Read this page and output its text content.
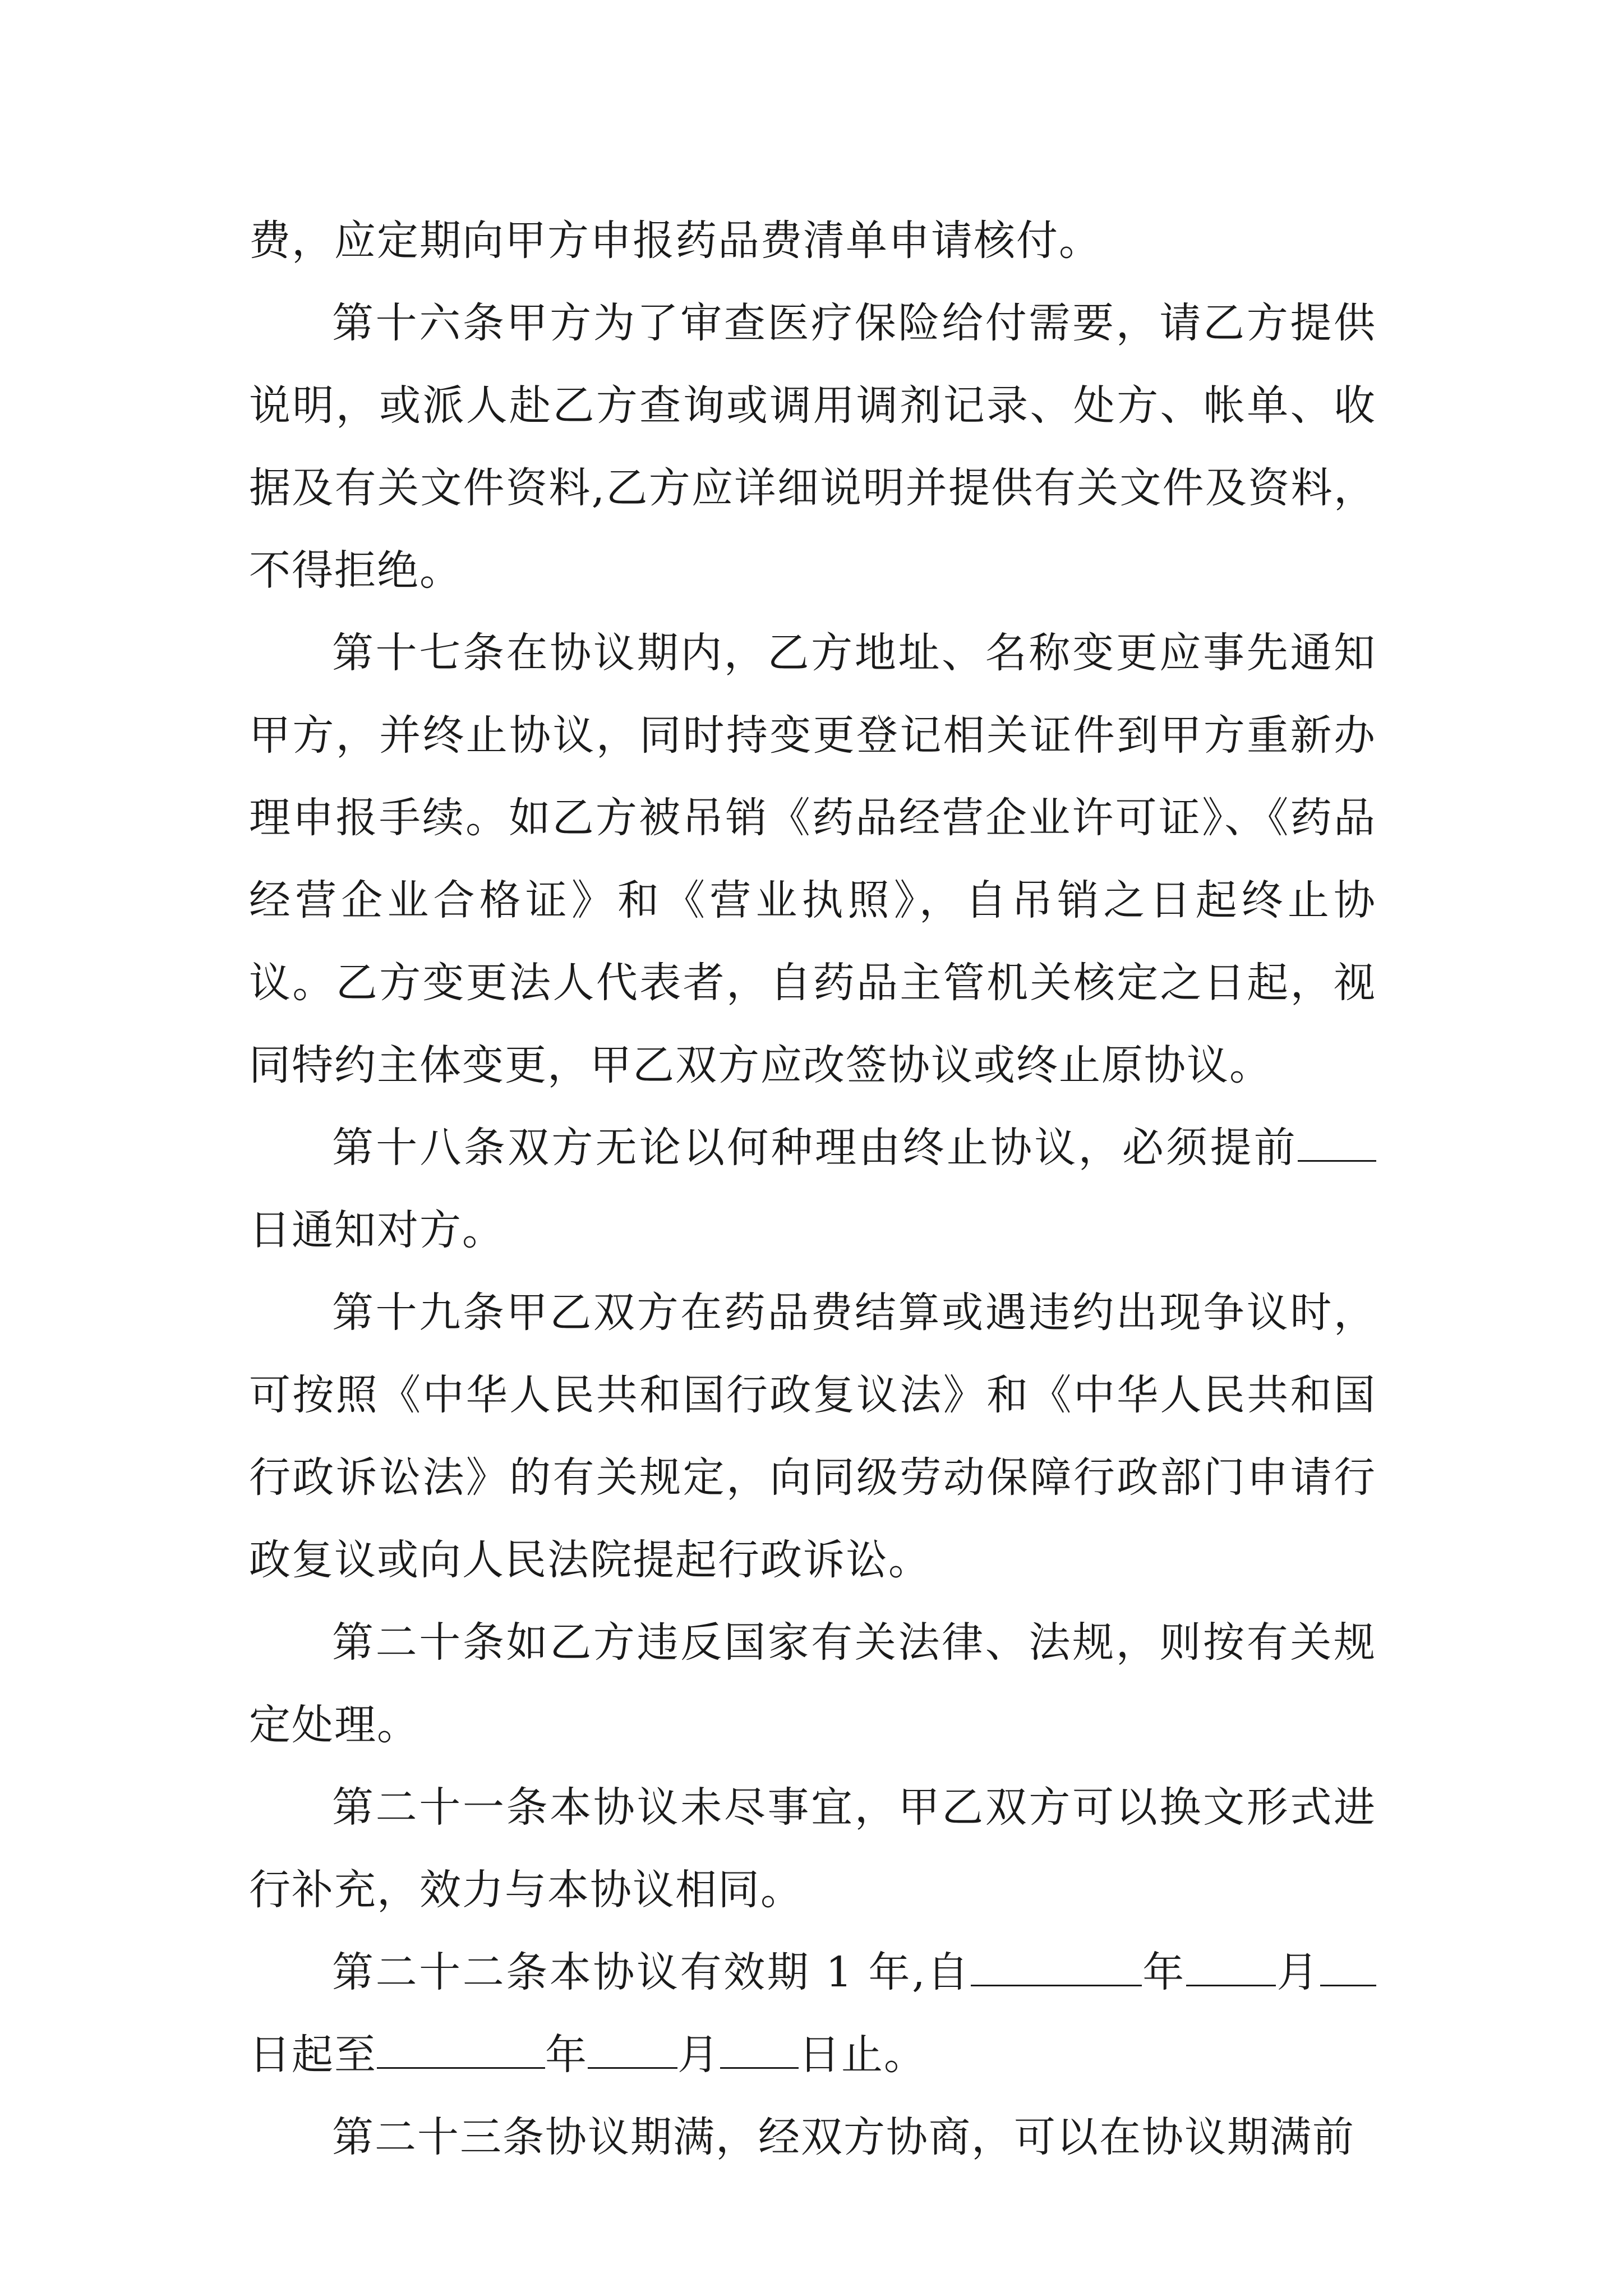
费，应定期向甲方申报药品费清单申请核付。

第十六条甲方为了审查医疗保险给付需要，请乙方提供说明，或派人赴乙方查询或调用调剂记录、处方、帐单、收据及有关文件资料,乙方应详细说明并提供有关文件及资料，不得拒绝。

第十七条在协议期内，乙方地址、名称变更应事先通知甲方，并终止协议，同时持变更登记相关证件到甲方重新办理申报手续。如乙方被吊销《药品经营企业许可证》、《药品经营企业合格证》和《营业执照》，自吊销之日起终止协议。乙方变更法人代表者，自药品主管机关核定之日起，视同特约主体变更，甲乙双方应改签协议或终止原协议。

第十八条双方无论以何种理由终止协议，必须提前日通知对方。

第十九条甲乙双方在药品费结算或遇违约出现争议时，可按照《中华人民共和国行政复议法》和《中华人民共和国行政诉讼法》的有关规定，向同级劳动保障行政部门申请行政复议或向人民法院提起行政诉讼。

第二十条如乙方违反国家有关法律、法规，则按有关规定处理。

第二十一条本协议未尽事宜，甲乙双方可以换文形式进行补充，效力与本协议相同。

第二十二条本协议有效期 1 年,自	年 月日起至	年 月 日止。

第二十三条协议期满，经双方协商，可以在协议期满前
